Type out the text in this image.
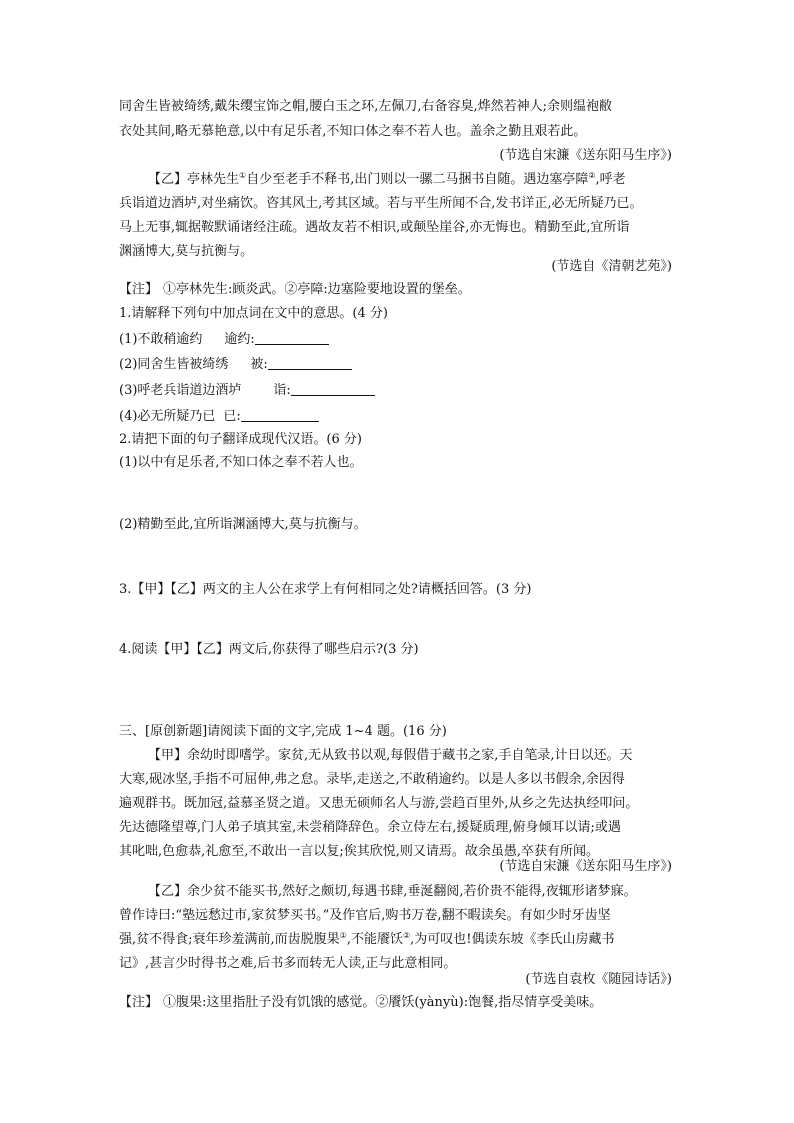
同舍生皆被绮绣,戴朱缨宝饰之帽,腰白玉之环,左佩刀,右备容臭,烨然若神人;余则缊袍敝
衣处其间,略无慕艳意,以中有足乐者,不知口体之奉不若人也。盖余之勤且艰若此。
(节选自宋濂《送东阳马生序》)
【乙】亭林先生①自少至老手不释书,出门则以一骡二马捆书自随。遇边塞亭障②,呼老
兵诣道边酒垆,对坐痛饮。咨其风土,考其区域。若与平生所闻不合,发书详正,必无所疑乃已。
马上无事,辄据鞍默诵诸经注疏。遇故友若不相识,或颠坠崖谷,亦无悔也。精勤至此,宜所诣
渊涵博大,莫与抗衡与。
(节选自《清朝艺苑》)
【注】 ①亭林先生:顾炎武。②亭障:边塞险要地设置的堡垒。
1.请解释下列句中加点词在文中的意思。(4 分)
(1)不敢稍逾约 逾约:
(2)同舍生皆被绮绣 被:
(3)呼老兵诣道边酒垆 诣:
(4)必无所疑乃已 已:
2.请把下面的句子翻译成现代汉语。(6 分)
(1)以中有足乐者,不知口体之奉不若人也。
(2)精勤至此,宜所诣渊涵博大,莫与抗衡与。
3.【甲】【乙】两文的主人公在求学上有何相同之处?请概括回答。(3 分)
4.阅读【甲】【乙】两文后,你获得了哪些启示?(3 分)
三、[原创新题]请阅读下面的文字,完成 1~4 题。(16 分)
【甲】余幼时即嗜学。家贫,无从致书以观,每假借于藏书之家,手自笔录,计日以还。天
大寒,砚冰坚,手指不可屈伸,弗之怠。录毕,走送之,不敢稍逾约。以是人多以书假余,余因得
遍观群书。既加冠,益慕圣贤之道。又患无硕师名人与游,尝趋百里外,从乡之先达执经叩问。
先达德隆望尊,门人弟子填其室,未尝稍降辞色。余立侍左右,援疑质理,俯身倾耳以请;或遇
其叱咄,色愈恭,礼愈至,不敢出一言以复;俟其欣悦,则又请焉。故余虽愚,卒获有所闻。
(节选自宋濂《送东阳马生序》)
【乙】余少贫不能买书,然好之颇切,每遇书肆,垂涎翻阅,若价贵不能得,夜辄形诸梦寐。
曾作诗曰:“塾远愁过市,家贫梦买书。”及作官后,购书万卷,翻不暇读矣。有如少时牙齿坚
强,贫不得食;衰年珍羞满前,而齿脱腹果①,不能餍饫②,为可叹也!偶读东坡《李氏山房藏书
记》,甚言少时得书之难,后书多而转无人读,正与此意相同。
(节选自袁枚《随园诗话》)
【注】 ①腹果:这里指肚子没有饥饿的感觉。②餍饫(yànyù):饱餐,指尽情享受美味。
